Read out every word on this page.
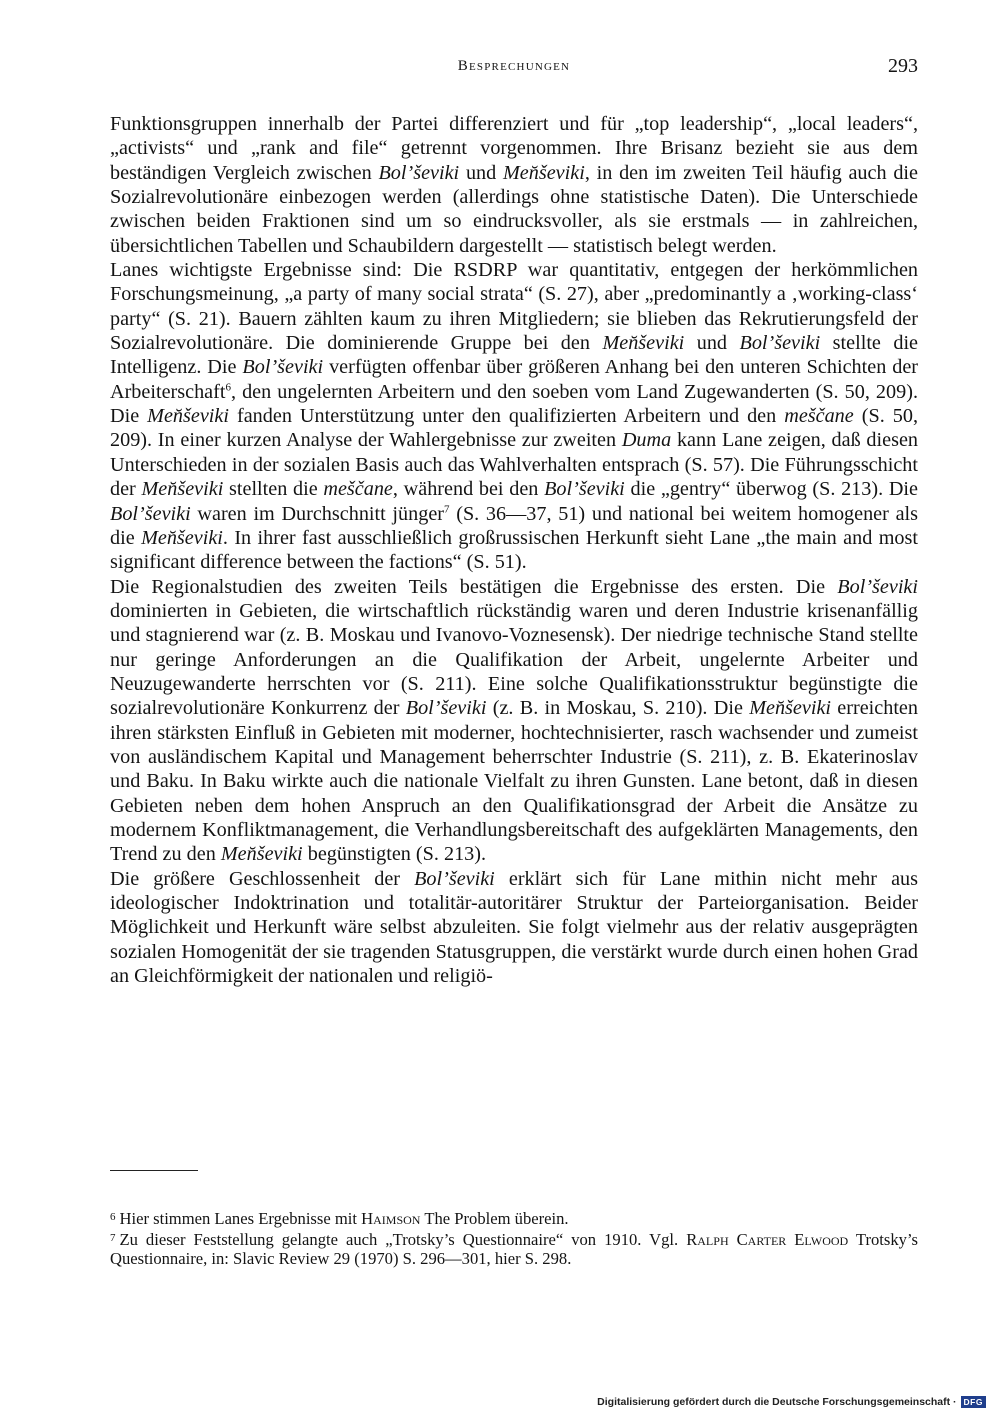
Besprechungen	293

Funktionsgruppen innerhalb der Partei differenziert und für „top leadership“, „local leaders“, „activists“ und „rank and file“ getrennt vorgenommen. Ihre Brisanz bezieht sie aus dem beständigen Vergleich zwischen Bol’ševiki und Men̆ševiki, in den im zweiten Teil häufig auch die Sozialrevolutionäre einbezogen werden (allerdings ohne statistische Daten). Die Unterschiede zwischen beiden Fraktionen sind um so eindrucksvoller, als sie erstmals — in zahlreichen, übersichtlichen Tabellen und Schaubildern dargestellt — statistisch belegt werden.

Lanes wichtigste Ergebnisse sind: Die RSDRP war quantitativ, entgegen der herkömmlichen Forschungsmeinung, „a party of many social strata“ (S. 27), aber „predominantly a ‚working-class‘ party“ (S. 21). Bauern zählten kaum zu ihren Mitgliedern; sie blieben das Rekrutierungsfeld der Sozialrevolutionäre. Die dominierende Gruppe bei den Men̆ševiki und Bol’ševiki stellte die Intelligenz. Die Bol’ševiki verfügten offenbar über größeren Anhang bei den unteren Schichten der Arbeiterschaft$^6$, den ungelernten Arbeitern und den soeben vom Land Zugewanderten (S. 50, 209). Die Men̆ševiki fanden Unterstützung unter den qualifizierten Arbeitern und den meščane (S. 50, 209). In einer kurzen Analyse der Wahlergebnisse zur zweiten Duma kann Lane zeigen, daß diesen Unterschieden in der sozialen Basis auch das Wahlverhalten entsprach (S. 57). Die Führungsschicht der Men̆ševiki stellten die meščane, während bei den Bol’ševiki die „gentry“ überwog (S. 213). Die Bol’ševiki waren im Durchschnitt jünger$^7$ (S. 36—37, 51) und national bei weitem homogener als die Men̆ševiki. In ihrer fast ausschließlich großrussischen Herkunft sieht Lane „the main and most significant difference between the factions“ (S. 51).

Die Regionalstudien des zweiten Teils bestätigen die Ergebnisse des ersten. Die Bol’ševiki dominierten in Gebieten, die wirtschaftlich rückständig waren und deren Industrie krisenanfällig und stagnierend war (z. B. Moskau und Ivanovo-Voznesensk). Der niedrige technische Stand stellte nur geringe Anforderungen an die Qualifikation der Arbeit, ungelernte Arbeiter und Neuzugewanderte herrschten vor (S. 211). Eine solche Qualifikationsstruktur begünstigte die sozialrevolutionäre Konkurrenz der Bol’ševiki (z. B. in Moskau, S. 210). Die Men̆ševiki erreichten ihren stärksten Einfluß in Gebieten mit moderner, hochtechnisierter, rasch wachsender und zumeist von ausländischem Kapital und Management beherrschter Industrie (S. 211), z. B. Ekaterinoslav und Baku. In Baku wirkte auch die nationale Vielfalt zu ihren Gunsten. Lane betont, daß in diesen Gebieten neben dem hohen Anspruch an den Qualifikationsgrad der Arbeit die Ansätze zu modernem Konfliktmanagement, die Verhandlungsbereitschaft des aufgeklärten Managements, den Trend zu den Men̆ševiki begünstigten (S. 213).

Die größere Geschlossenheit der Bol’ševiki erklärt sich für Lane mithin nicht mehr aus ideologischer Indoktrination und totalitär-autoritärer Struktur der Parteiorganisation. Beider Möglichkeit und Herkunft wäre selbst abzuleiten. Sie folgt vielmehr aus der relativ ausgeprägten sozialen Homogenität der sie tragenden Statusgruppen, die verstärkt wurde durch einen hohen Grad an Gleichförmigkeit der nationalen und religiö-

$^6$ Hier stimmen Lanes Ergebnisse mit Haimson The Problem überein.

$^7$ Zu dieser Feststellung gelangte auch „Trotsky’s Questionnaire“ von 1910. Vgl. Ralph Carter Elwood Trotsky’s Questionnaire, in: Slavic Review 29 (1970) S. 296—301, hier S. 298.

Digitalisierung gefördert durch die Deutsche Forschungsgemeinschaft · DFG
